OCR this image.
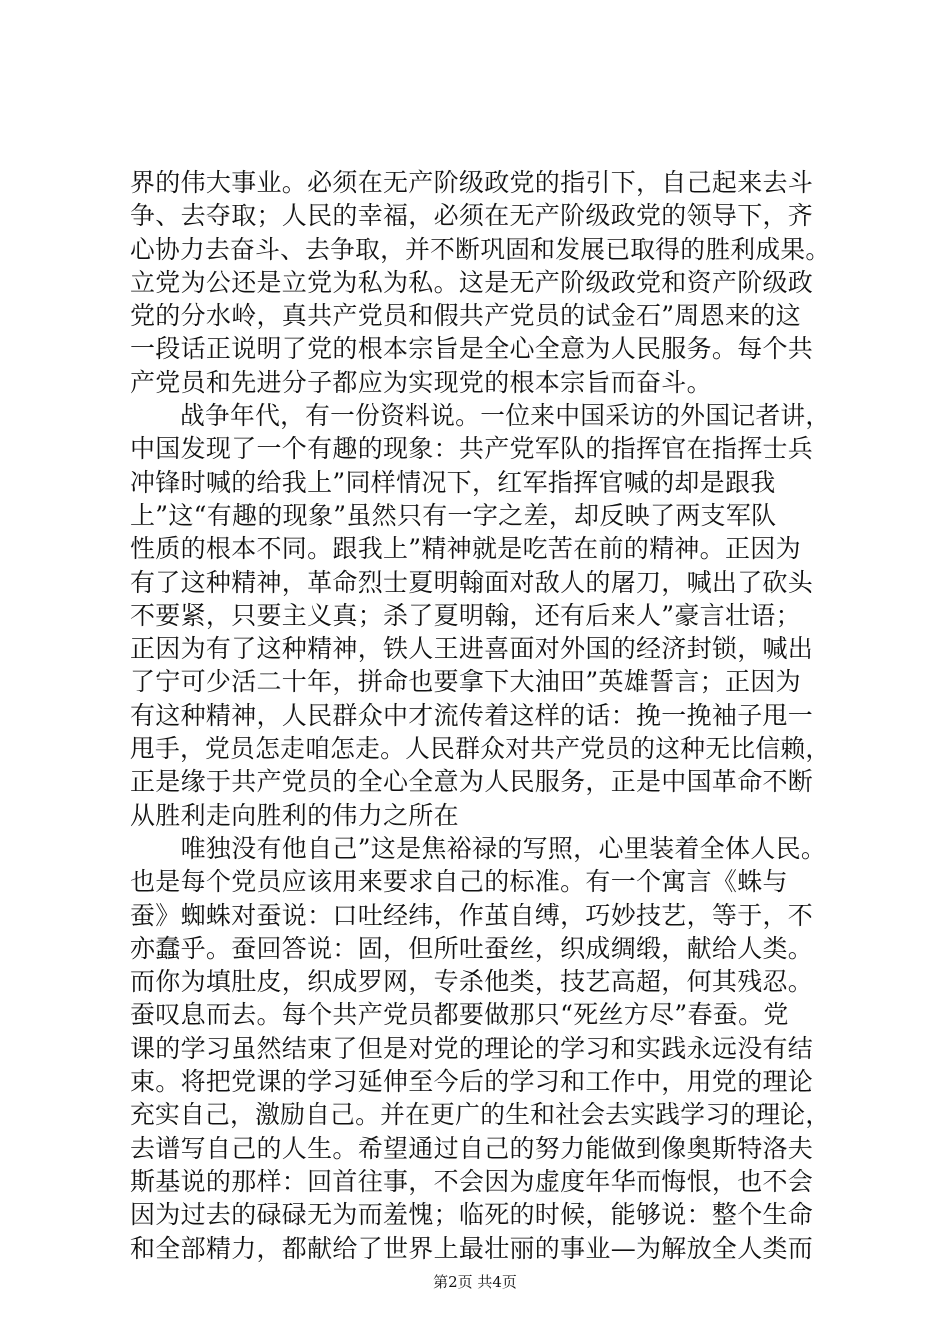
界的伟大事业。必须在无产阶级政党的指引下，自己起来去斗
争、去夺取；人民的幸福，必须在无产阶级政党的领导下，齐
心协力去奋斗、去争取，并不断巩固和发展已取得的胜利成果。
立党为公还是立党为私为私。这是无产阶级政党和资产阶级政
党的分水岭，真共产党员和假共产党员的试金石”周恩来的这
一段话正说明了党的根本宗旨是全心全意为人民服务。每个共
产党员和先进分子都应为实现党的根本宗旨而奋斗。
　　战争年代，有一份资料说。一位来中国采访的外国记者讲，
中国发现了一个有趣的现象：共产党军队的指挥官在指挥士兵
冲锋时喊的给我上”同样情况下，红军指挥官喊的却是跟我
上”这“有趣的现象”虽然只有一字之差，却反映了两支军队
性质的根本不同。跟我上”精神就是吃苦在前的精神。正因为
有了这种精神，革命烈士夏明翰面对敌人的屠刀，喊出了砍头
不要紧，只要主义真；杀了夏明翰，还有后来人”豪言壮语；
正因为有了这种精神，铁人王进喜面对外国的经济封锁，喊出
了宁可少活二十年，拼命也要拿下大油田”英雄誓言；正因为
有这种精神，人民群众中才流传着这样的话：挽一挽袖子甩一
甩手，党员怎走咱怎走。人民群众对共产党员的这种无比信赖，
正是缘于共产党员的全心全意为人民服务，正是中国革命不断
从胜利走向胜利的伟力之所在
　　唯独没有他自己”这是焦裕禄的写照，心里装着全体人民。
也是每个党员应该用来要求自己的标准。有一个寓言《蛛与
蚕》蜘蛛对蚕说：口吐经纬，作茧自缚，巧妙技艺，等于，不
亦蠢乎。蚕回答说：固，但所吐蚕丝，织成绸缎，献给人类。
而你为填肚皮，织成罗网，专杀他类，技艺高超，何其残忍。
蚕叹息而去。每个共产党员都要做那只“死丝方尽”春蚕。党
课的学习虽然结束了但是对党的理论的学习和实践永远没有结
束。将把党课的学习延伸至今后的学习和工作中，用党的理论
充实自己，激励自己。并在更广的生和社会去实践学习的理论，
去谱写自己的人生。希望通过自己的努力能做到像奥斯特洛夫
斯基说的那样：回首往事，不会因为虚度年华而悔恨，也不会
因为过去的碌碌无为而羞愧；临死的时候，能够说：整个生命
和全部精力，都献给了世界上最壮丽的事业—为解放全人类而
第2页 共4页
